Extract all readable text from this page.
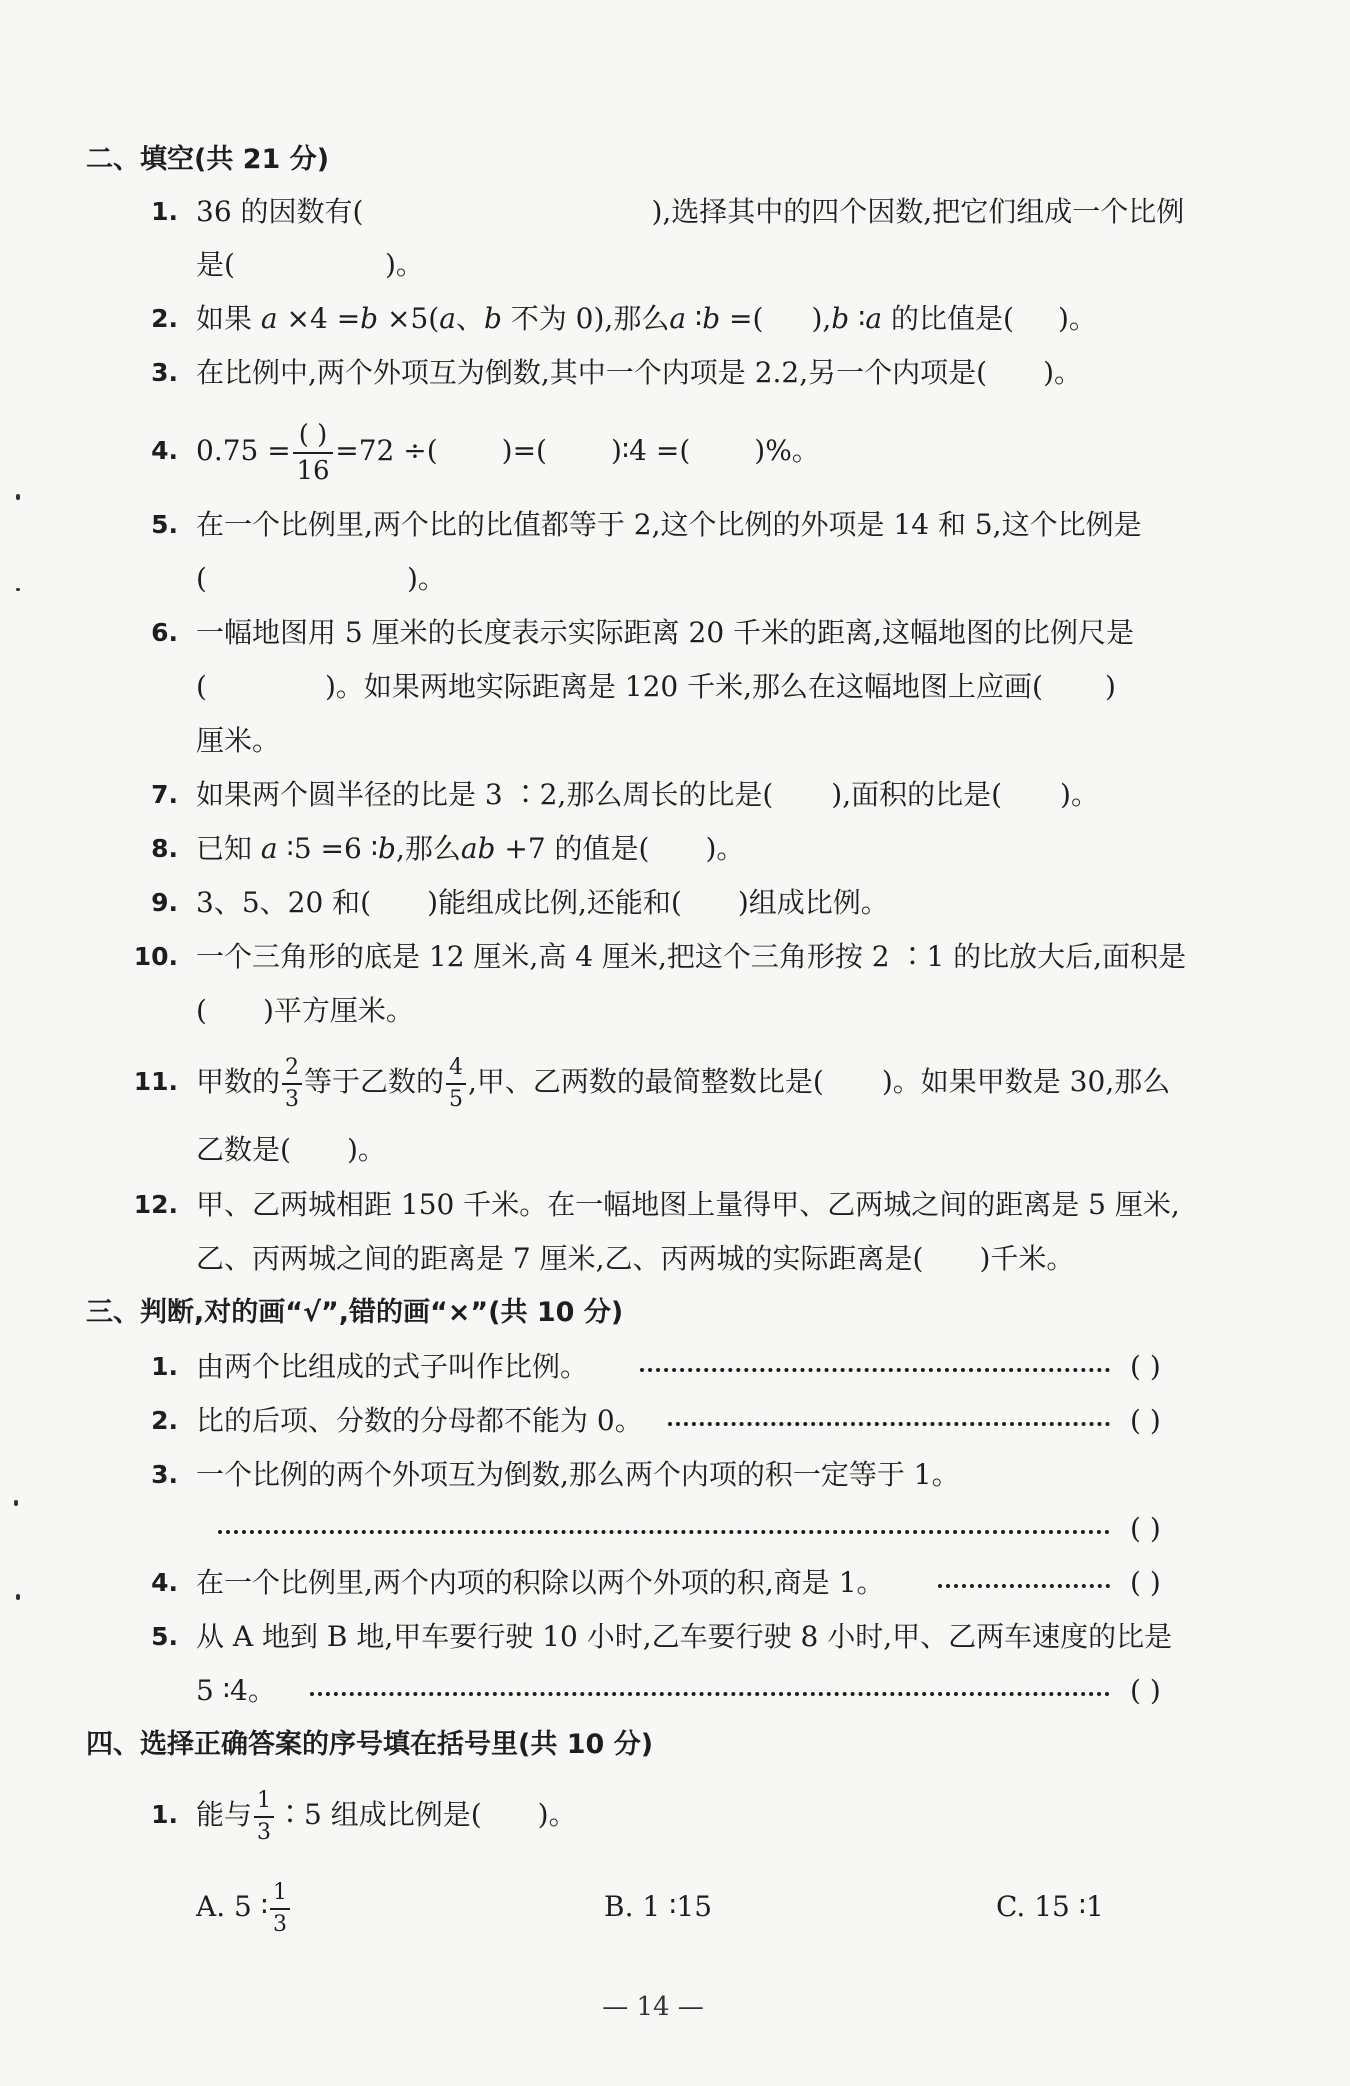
二、填空(共 21 分)
1. 36 的因数有(	),选择其中的四个因数,把它们组成一个比例
是(	)。
2. 如果 a ×4 =b ×5(a、b 不为 0),那么a ∶b =( ),b ∶a 的比值是( )。
3. 在比例中,两个外项互为倒数,其中一个内项是 2.2,另一个内项是( )。
4. $0.75 = \frac{( )}{16} =72$ ÷( )=( )∶4 =( )%。
5. 在一个比例里,两个比的比值都等于 2,这个比例的外项是 14 和 5,这个比例是
(	)。
6. 一幅地图用 5 厘米的长度表示实际距离 20 千米的距离,这幅地图的比例尺是
(	)。如果两地实际距离是 120 千米,那么在这幅地图上应画( )
厘米。
7. 如果两个圆半径的比是 3 ∶2,那么周长的比是( ),面积的比是( )。
8. 已知 a ∶5 =6 ∶b,那么ab +7 的值是( )。
9. 3、5、20 和( )能组成比例,还能和( )组成比例。
10. 一个三角形的底是 12 厘米,高 4 厘米,把这个三角形按 2 ∶1 的比放大后,面积是
( )平方厘米。
11. 甲数的 $\frac{2}{3}$ 等于乙数的 $\frac{4}{5}$ ,甲、乙两数的最简整数比是( )。如果甲数是 30,那么
乙数是( )。
12. 甲、乙两城相距 150 千米。在一幅地图上量得甲、乙两城之间的距离是 5 厘米,
乙、丙两城之间的距离是 7 厘米,乙、丙两城的实际距离是( )千米。
三、判断,对的画“√”,错的画“×”(共 10 分)
1. 由两个比组成的式子叫作比例。	( )
2. 比的后项、分数的分母都不能为 0。	( )
3. 一个比例的两个外项互为倒数,那么两个内项的积一定等于 1。
( )
4. 在一个比例里,两个内项的积除以两个外项的积,商是 1。	( )
5. 从 A 地到 B 地,甲车要行驶 10 小时,乙车要行驶 8 小时,甲、乙两车速度的比是
5 ∶4。	( )
四、选择正确答案的序号填在括号里(共 10 分)
1. 能与 $\frac{1}{3}$ ∶5 组成比例是( )。
A. 5 ∶ $\frac{1}{3}$	B. 1 ∶15	C. 15 ∶1
— 14 —
